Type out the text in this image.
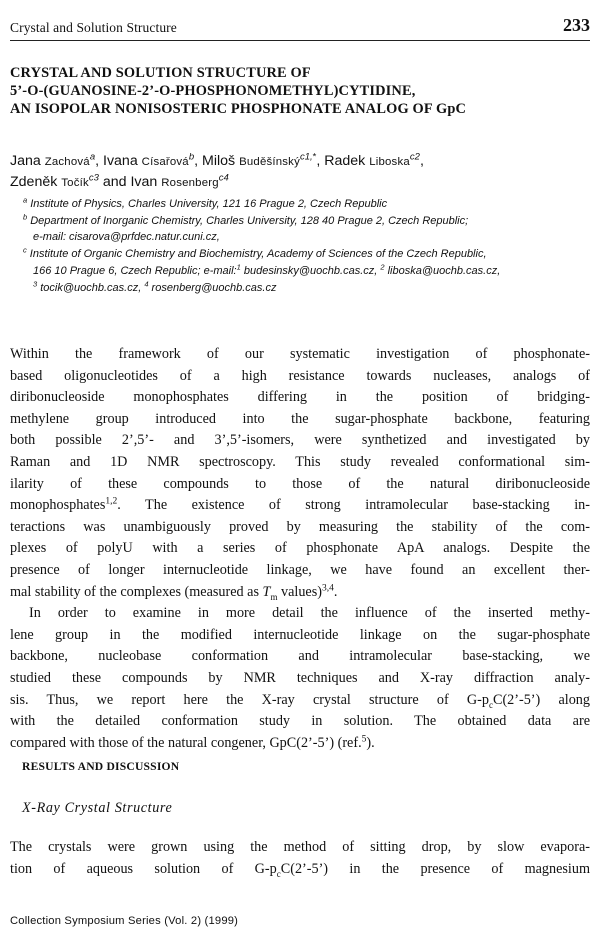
Crystal and Solution Structure	233
CRYSTAL AND SOLUTION STRUCTURE OF
5’-O-(GUANOSINE-2’-O-PHOSPHONOMETHYL)CYTIDINE,
AN ISOPOLAR NONISOSTERIC PHOSPHONATE ANALOG OF GpC
Jana Zachová$^a$, Ivana Císařová$^b$, Miloš Buděšínský$^{c1,*}$, Radek Liboska$^{c2}$,
Zdeněk Točík$^{c3}$ and Ivan Rosenberg$^{c4}$
$^a$ Institute of Physics, Charles University, 121 16 Prague 2, Czech Republic
$^b$ Department of Inorganic Chemistry, Charles University, 128 40 Prague 2, Czech Republic;
e-mail: cisarova@prfdec.natur.cuni.cz,
$^c$ Institute of Organic Chemistry and Biochemistry, Academy of Sciences of the Czech Republic,
166 10 Prague 6, Czech Republic; e-mail:$^1$ budesinsky@uochb.cas.cz, $^2$ liboska@uochb.cas.cz,
$^3$ tocik@uochb.cas.cz, $^4$ rosenberg@uochb.cas.cz
Within the framework of our systematic investigation of phosphonate-
based oligonucleotides of a high resistance towards nucleases, analogs of
diribonucleoside monophosphates differing in the position of bridging-
methylene group introduced into the sugar-phosphate backbone, featuring
both possible 2’,5’- and 3’,5’-isomers, were synthetized and investigated by
Raman and 1D NMR spectroscopy. This study revealed conformational sim-
ilarity of these compounds to those of the natural diribonucleoside
monophosphates$^{1,2}$. The existence of strong intramolecular base-stacking in-
teractions was unambiguously proved by measuring the stability of the com-
plexes of polyU with a series of phosphonate ApA analogs. Despite the
presence of longer internucleotide linkage, we have found an excellent ther-
mal stability of the complexes (measured as $T_m$ values)$^{3,4}$.
In order to examine in more detail the influence of the inserted methy-
lene group in the modified internucleotide linkage on the sugar-phosphate
backbone, nucleobase conformation and intramolecular base-stacking, we
studied these compounds by NMR techniques and X-ray diffraction analy-
sis. Thus, we report here the X-ray crystal structure of $G-p_cC(2’-5’)$ along
with the detailed conformation study in solution. The obtained data are
compared with those of the natural congener, GpC(2’-5’) (ref.$^5$).
RESULTS AND DISCUSSION
X-Ray Crystal Structure
The crystals were grown using the method of sitting drop, by slow evapora-
tion of aqueous solution of $G-p_cC(2’-5’)$ in the presence of magnesium
Collection Symposium Series (Vol. 2) (1999)
